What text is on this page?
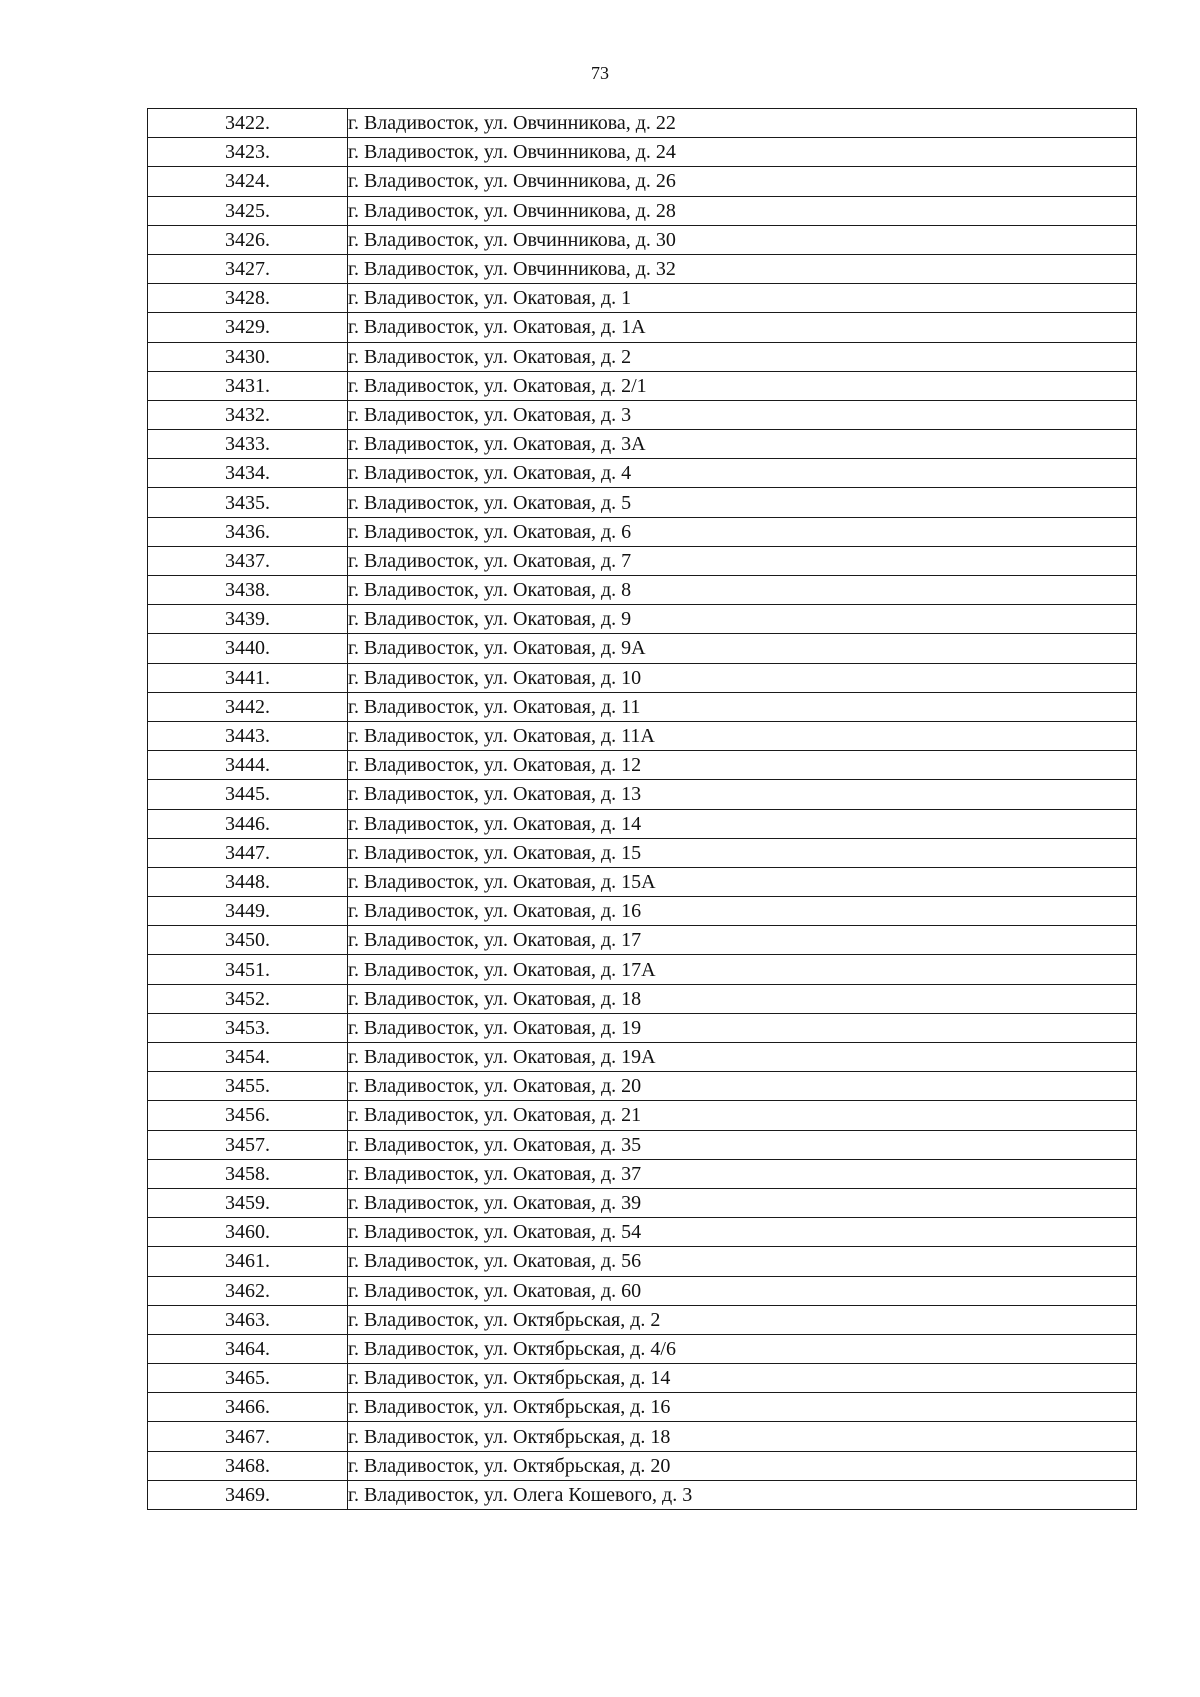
73
3422.	г. Владивосток, ул. Овчинникова, д. 22
3423.	г. Владивосток, ул. Овчинникова, д. 24
3424.	г. Владивосток, ул. Овчинникова, д. 26
3425.	г. Владивосток, ул. Овчинникова, д. 28
3426.	г. Владивосток, ул. Овчинникова, д. 30
3427.	г. Владивосток, ул. Овчинникова, д. 32
3428.	г. Владивосток, ул. Окатовая, д. 1
3429.	г. Владивосток, ул. Окатовая, д. 1А
3430.	г. Владивосток, ул. Окатовая, д. 2
3431.	г. Владивосток, ул. Окатовая, д. 2/1
3432.	г. Владивосток, ул. Окатовая, д. 3
3433.	г. Владивосток, ул. Окатовая, д. 3А
3434.	г. Владивосток, ул. Окатовая, д. 4
3435.	г. Владивосток, ул. Окатовая, д. 5
3436.	г. Владивосток, ул. Окатовая, д. 6
3437.	г. Владивосток, ул. Окатовая, д. 7
3438.	г. Владивосток, ул. Окатовая, д. 8
3439.	г. Владивосток, ул. Окатовая, д. 9
3440.	г. Владивосток, ул. Окатовая, д. 9А
3441.	г. Владивосток, ул. Окатовая, д. 10
3442.	г. Владивосток, ул. Окатовая, д. 11
3443.	г. Владивосток, ул. Окатовая, д. 11А
3444.	г. Владивосток, ул. Окатовая, д. 12
3445.	г. Владивосток, ул. Окатовая, д. 13
3446.	г. Владивосток, ул. Окатовая, д. 14
3447.	г. Владивосток, ул. Окатовая, д. 15
3448.	г. Владивосток, ул. Окатовая, д. 15А
3449.	г. Владивосток, ул. Окатовая, д. 16
3450.	г. Владивосток, ул. Окатовая, д. 17
3451.	г. Владивосток, ул. Окатовая, д. 17А
3452.	г. Владивосток, ул. Окатовая, д. 18
3453.	г. Владивосток, ул. Окатовая, д. 19
3454.	г. Владивосток, ул. Окатовая, д. 19А
3455.	г. Владивосток, ул. Окатовая, д. 20
3456.	г. Владивосток, ул. Окатовая, д. 21
3457.	г. Владивосток, ул. Окатовая, д. 35
3458.	г. Владивосток, ул. Окатовая, д. 37
3459.	г. Владивосток, ул. Окатовая, д. 39
3460.	г. Владивосток, ул. Окатовая, д. 54
3461.	г. Владивосток, ул. Окатовая, д. 56
3462.	г. Владивосток, ул. Окатовая, д. 60
3463.	г. Владивосток, ул. Октябрьская, д. 2
3464.	г. Владивосток, ул. Октябрьская, д. 4/6
3465.	г. Владивосток, ул. Октябрьская, д. 14
3466.	г. Владивосток, ул. Октябрьская, д. 16
3467.	г. Владивосток, ул. Октябрьская, д. 18
3468.	г. Владивосток, ул. Октябрьская, д. 20
3469.	г. Владивосток, ул. Олега Кошевого, д. 3
